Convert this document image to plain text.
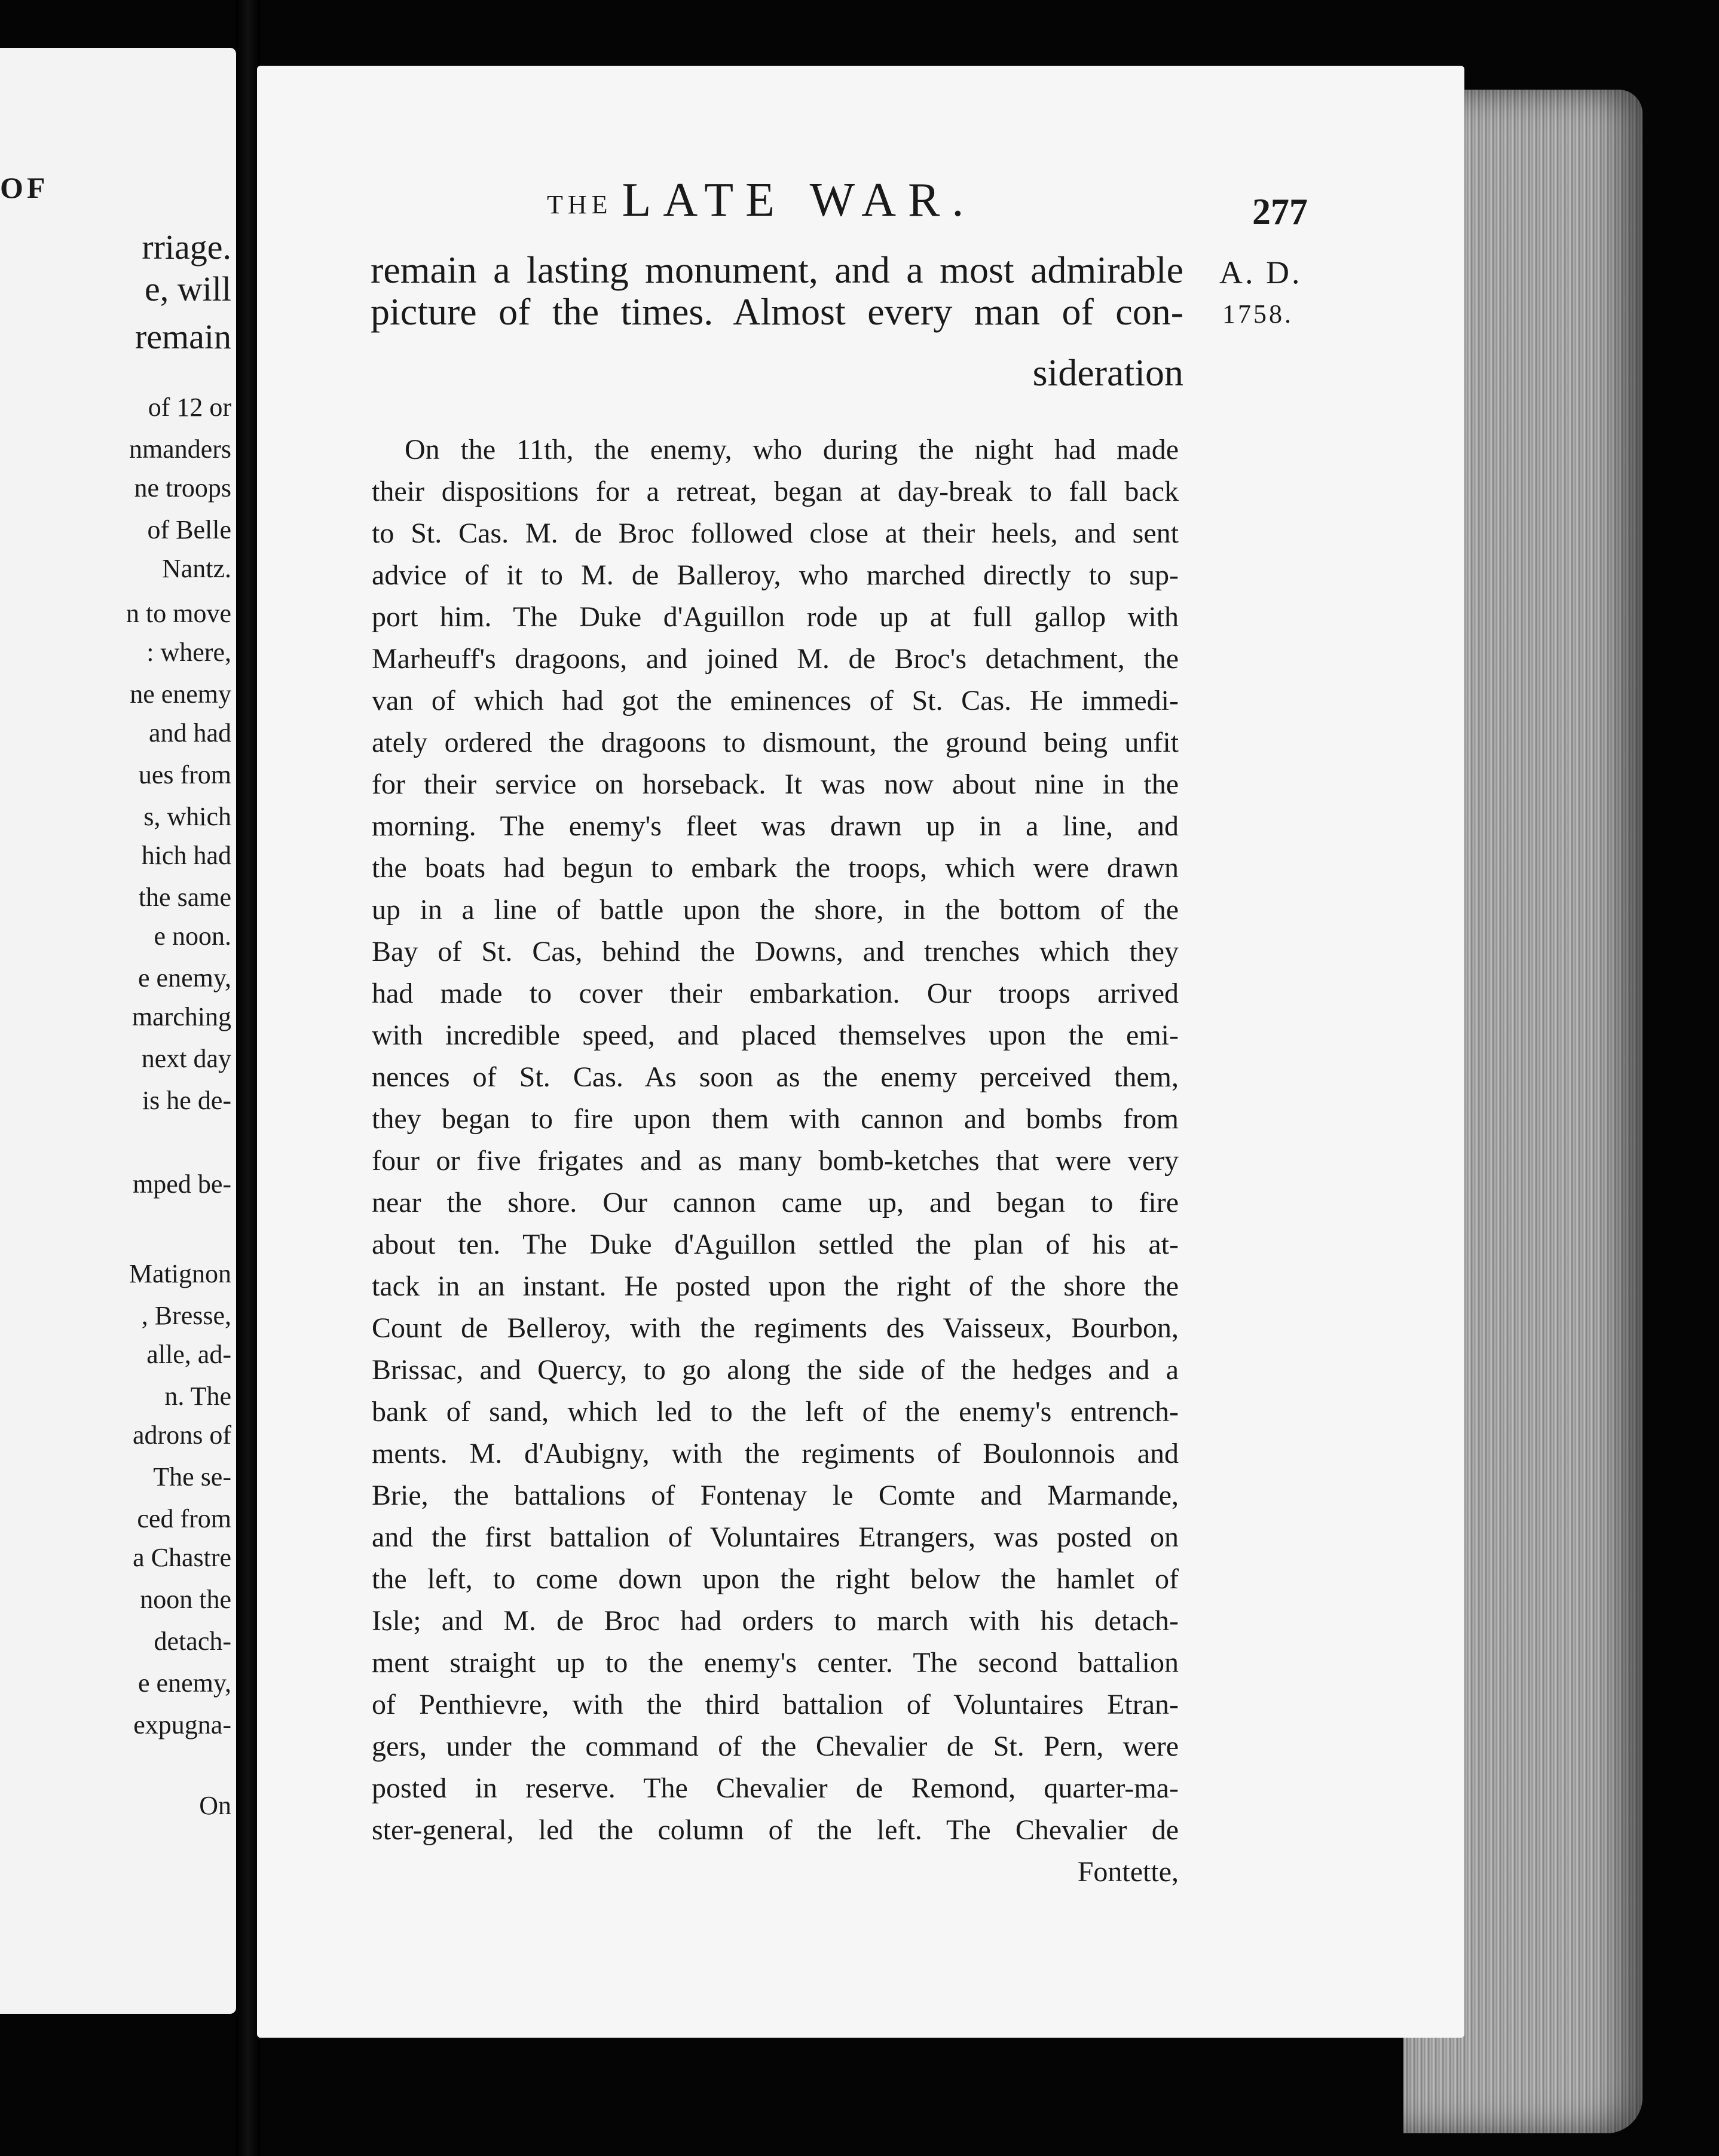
OF
rriage.
e, will
remain
of 12 or
nmanders
ne troops
of Belle
Nantz.
n to move
: where,
ne enemy
and had
ues from
s, which
hich had
the same
e noon.
e enemy,
marching
next day
is he de-
mped be-
Matignon
, Bresse,
alle, ad-
n. The
adrons of
The se-
ced from
a Chastre
noon the
detach-
e enemy,
expugna-
On
THE LATE WAR.	277
A. D.
1758.
remain a lasting monument, and a most admirable
picture of the times. Almost every man of con-
sideration
On the 11th, the enemy, who during the night had made
their dispositions for a retreat, began at day-break to fall back
to St. Cas. M. de Broc followed close at their heels, and sent
advice of it to M. de Balleroy, who marched directly to sup-
port him. The Duke d'Aguillon rode up at full gallop with
Marheuff's dragoons, and joined M. de Broc's detachment, the
van of which had got the eminences of St. Cas. He immedi-
ately ordered the dragoons to dismount, the ground being unfit
for their service on horseback. It was now about nine in the
morning. The enemy's fleet was drawn up in a line, and
the boats had begun to embark the troops, which were drawn
up in a line of battle upon the shore, in the bottom of the
Bay of St. Cas, behind the Downs, and trenches which they
had made to cover their embarkation. Our troops arrived
with incredible speed, and placed themselves upon the emi-
nences of St. Cas. As soon as the enemy perceived them,
they began to fire upon them with cannon and bombs from
four or five frigates and as many bomb-ketches that were very
near the shore. Our cannon came up, and began to fire
about ten. The Duke d'Aguillon settled the plan of his at-
tack in an instant. He posted upon the right of the shore the
Count de Belleroy, with the regiments des Vaisseux, Bourbon,
Brissac, and Quercy, to go along the side of the hedges and a
bank of sand, which led to the left of the enemy's entrench-
ments. M. d'Aubigny, with the regiments of Boulonnois and
Brie, the battalions of Fontenay le Comte and Marmande,
and the first battalion of Voluntaires Etrangers, was posted on
the left, to come down upon the right below the hamlet of
Isle; and M. de Broc had orders to march with his detach-
ment straight up to the enemy's center. The second battalion
of Penthievre, with the third battalion of Voluntaires Etran-
gers, under the command of the Chevalier de St. Pern, were
posted in reserve. The Chevalier de Remond, quarter-ma-
ster-general, led the column of the left. The Chevalier de
Fontette,
